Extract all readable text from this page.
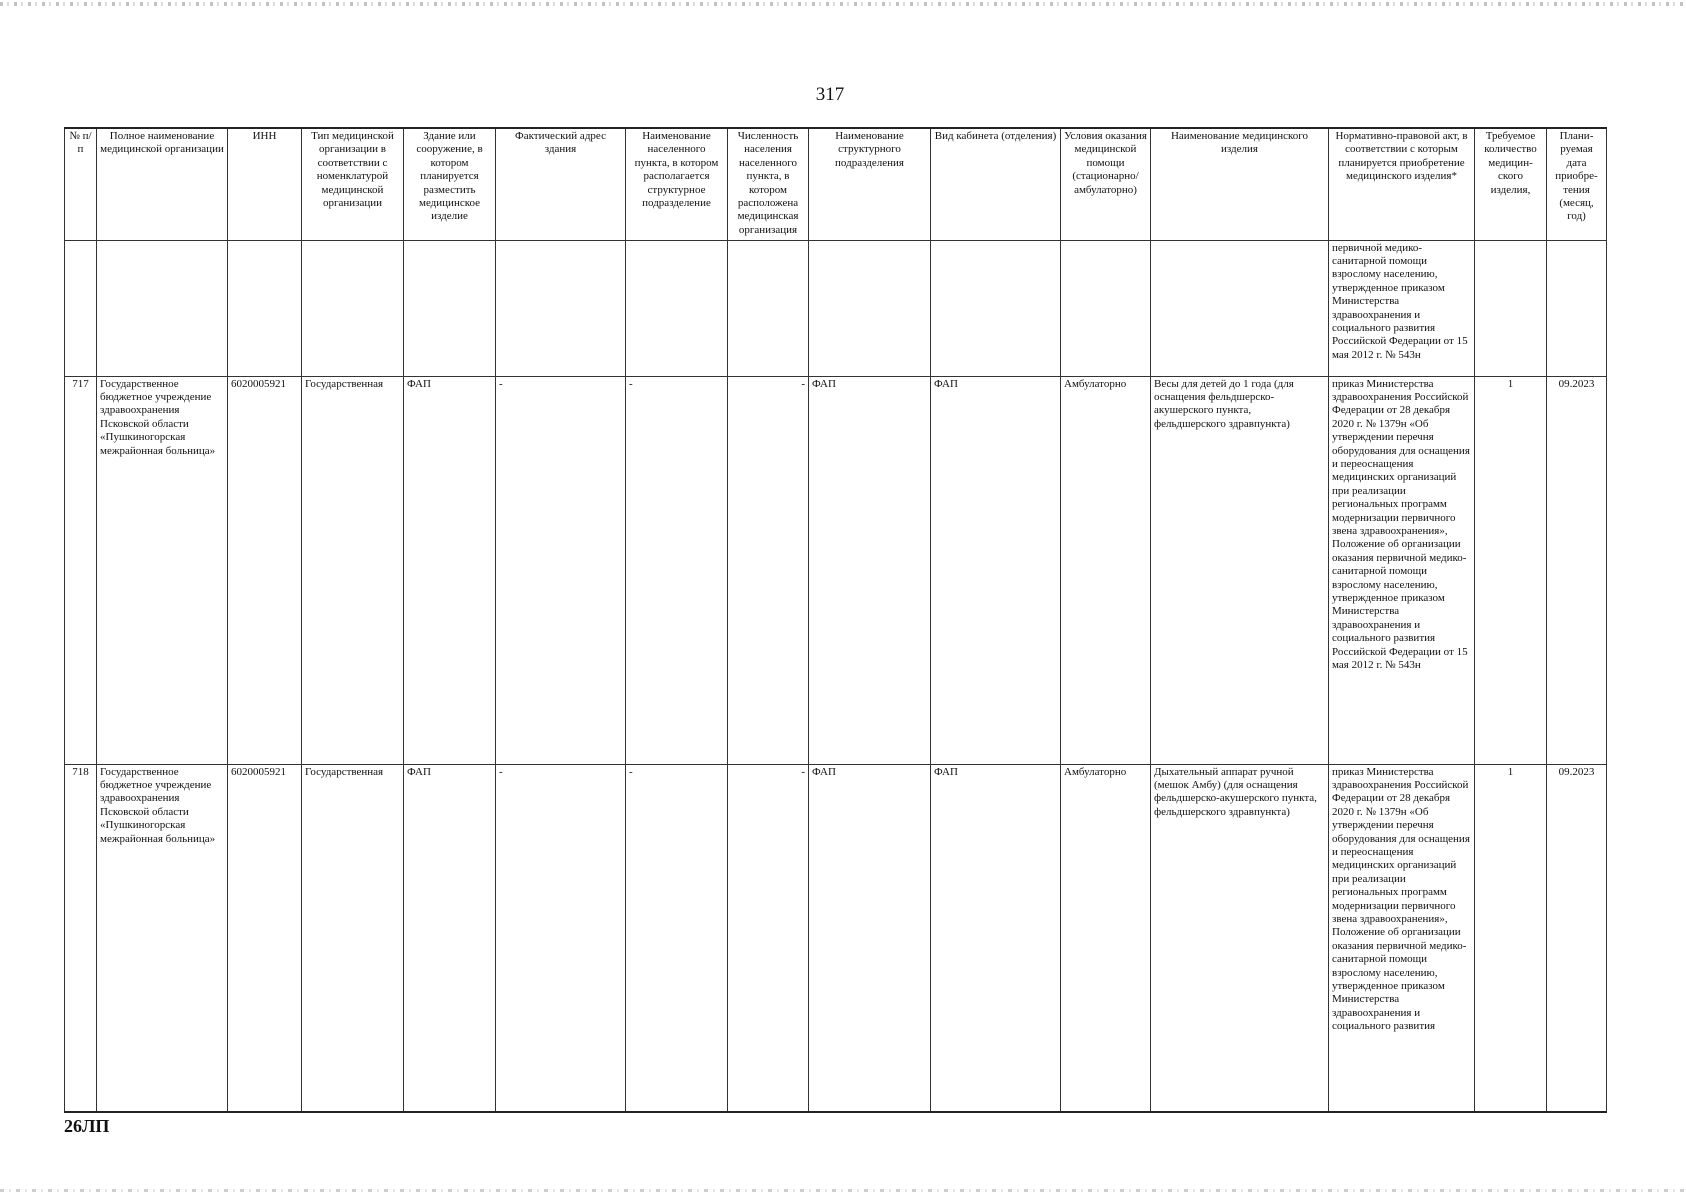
317
№ п/п	Полное наименование медицинской организации	ИНН	Тип медицинской организации в соответствии с номенклатурой медицинской организации	Здание или сооружение, в котором планируется разместить медицинское изделие	Фактический адрес здания	Наименование населенного пункта, в котором располагается структурное подразделение	Численность населения населенного пункта, в котором расположена медицинская организация	Наименование структурного подразделения	Вид кабинета (отделения)	Условия оказания медицинской помощи (стационарно/ амбулаторно)	Наименование медицинского изделия	Нормативно-правовой акт, в соответствии с которым планируется приобретение медицинского изделия*	Требуемое количество медицин-ского изделия,	Плани-руемая дата приобре-тения (месяц, год)
												первичной медико-санитарной помощи взрослому населению, утвержденное приказом Министерства здравоохранения и социального развития Российской Федерации от 15 мая 2012 г. № 543н		
717	Государственное бюджетное учреждение здравоохранения Псковской области «Пушкиногорская межрайонная больница»	6020005921	Государственная	ФАП	-	-	-	ФАП	ФАП	Амбулаторно	Весы для детей до 1 года (для оснащения фельдшерско-акушерского пункта, фельдшерского здравпункта)	приказ Министерства здравоохранения Российской Федерации от 28 декабря 2020 г. № 1379н «Об утверждении перечня оборудования для оснащения и переоснащения медицинских организаций при реализации региональных программ модернизации первичного звена здравоохранения», Положение об организации оказания первичной медико-санитарной помощи взрослому населению, утвержденное приказом Министерства здравоохранения и социального развития Российской Федерации от 15 мая 2012 г. № 543н	1	09.2023
718	Государственное бюджетное учреждение здравоохранения Псковской области «Пушкиногорская межрайонная больница»	6020005921	Государственная	ФАП	-	-	-	ФАП	ФАП	Амбулаторно	Дыхательный аппарат ручной (мешок Амбу) (для оснащения фельдшерско-акушерского пункта, фельдшерского здравпункта)	приказ Министерства здравоохранения Российской Федерации от 28 декабря 2020 г. № 1379н «Об утверждении перечня оборудования для оснащения и переоснащения медицинских организаций при реализации региональных программ модернизации первичного звена здравоохранения», Положение об организации оказания первичной медико-санитарной помощи взрослому населению, утвержденное приказом Министерства здравоохранения и социального развития	1	09.2023
26ЛП
